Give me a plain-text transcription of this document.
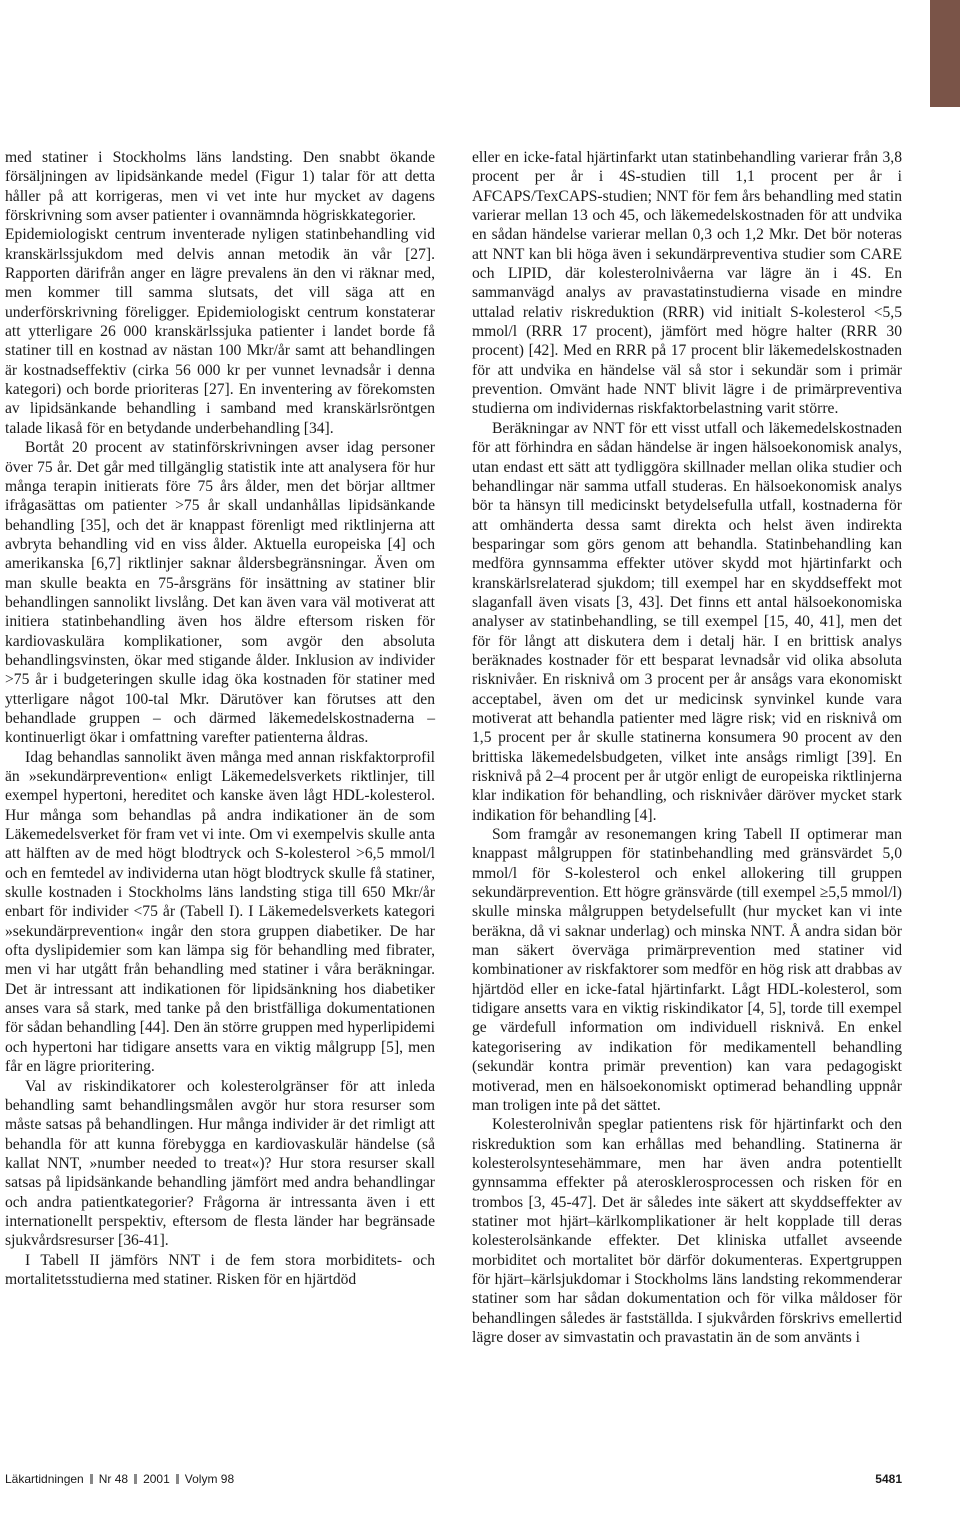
med statiner i Stockholms läns landsting. Den snabbt ökande försäljningen av lipidsänkande medel (Figur 1) talar för att detta håller på att korrigeras, men vi vet inte hur mycket av dagens förskrivning som avser patienter i ovannämnda högriskkategorier.

Epidemiologiskt centrum inventerade nyligen statinbehandling vid kranskärlssjukdom med delvis annan metodik än vår [27]. Rapporten därifrån anger en lägre prevalens än den vi räknar med, men kommer till samma slutsats, det vill säga att en underförskrivning föreligger. Epidemiologiskt centrum konstaterar att ytterligare 26 000 kranskärlssjuka patienter i landet borde få statiner till en kostnad av nästan 100 Mkr/år samt att behandlingen är kostnadseffektiv (cirka 56 000 kr per vunnet levnadsår i denna kategori) och borde prioriteras [27]. En inventering av förekomsten av lipidsänkande behandling i samband med kranskärlsröntgen talade likaså för en betydande underbehandling [34].

Bortåt 20 procent av statinförskrivningen avser idag personer över 75 år. Det går med tillgänglig statistik inte att analysera för hur många terapin initierats före 75 års ålder, men det börjar alltmer ifrågasättas om patienter >75 år skall undanhållas lipidsänkande behandling [35], och det är knappast förenligt med riktlinjerna att avbryta behandling vid en viss ålder. Aktuella europeiska [4] och amerikanska [6,7] riktlinjer saknar åldersbegränsningar. Även om man skulle beakta en 75-årsgräns för insättning av statiner blir behandlingen sannolikt livslång. Det kan även vara väl motiverat att initiera statinbehandling även hos äldre eftersom risken för kardiovaskulära komplikationer, som avgör den absoluta behandlingsvinsten, ökar med stigande ålder. Inklusion av individer >75 år i budgeteringen skulle idag öka kostnaden för statiner med ytterligare något 100-tal Mkr. Därutöver kan förutses att den behandlade gruppen – och därmed läkemedelskostnaderna – kontinuerligt ökar i omfattning varefter patienterna åldras.

Idag behandlas sannolikt även många med annan riskfaktorprofil än »sekundärprevention« enligt Läkemedelsverkets riktlinjer, till exempel hypertoni, hereditet och kanske även lågt HDL-kolesterol. Hur många som behandlas på andra indikationer än de som Läkemedelsverket för fram vet vi inte. Om vi exempelvis skulle anta att hälften av de med högt blodtryck och S-kolesterol >6,5 mmol/l och en femtedel av individerna utan högt blodtryck skulle få statiner, skulle kostnaden i Stockholms läns landsting stiga till 650 Mkr/år enbart för individer <75 år (Tabell I). I Läkemedelsverkets kategori »sekundärprevention« ingår den stora gruppen diabetiker. De har ofta dyslipidemier som kan lämpa sig för behandling med fibrater, men vi har utgått från behandling med statiner i våra beräkningar. Det är intressant att indikationen för lipidsänkning hos diabetiker anses vara så stark, med tanke på den bristfälliga dokumentationen för sådan behandling [44]. Den än större gruppen med hyperlipidemi och hypertoni har tidigare ansetts vara en viktig målgrupp [5], men får en lägre prioritering.

Val av riskindikatorer och kolesterolgränser för att inleda behandling samt behandlingsmålen avgör hur stora resurser som måste satsas på behandlingen. Hur många individer är det rimligt att behandla för att kunna förebygga en kardiovaskulär händelse (så kallat NNT, »number needed to treat«)? Hur stora resurser skall satsas på lipidsänkande behandling jämfört med andra behandlingar och andra patientkategorier? Frågorna är intressanta även i ett internationellt perspektiv, eftersom de flesta länder har begränsade sjukvårdsresurser [36-41].

I Tabell II jämförs NNT i de fem stora morbiditets- och mortalitetsstudierna med statiner. Risken för en hjärtdöd

eller en icke-fatal hjärtinfarkt utan statinbehandling varierar från 3,8 procent per år i 4S-studien till 1,1 procent per år i AFCAPS/TexCAPS-studien; NNT för fem års behandling med statin varierar mellan 13 och 45, och läkemedelskostnaden för att undvika en sådan händelse varierar mellan 0,3 och 1,2 Mkr. Det bör noteras att NNT kan bli höga även i sekundärpreventiva studier som CARE och LIPID, där kolesterolnivåerna var lägre än i 4S. En sammanvägd analys av pravastatinstudierna visade en mindre uttalad relativ riskreduktion (RRR) vid initialt S-kolesterol <5,5 mmol/l (RRR 17 procent), jämfört med högre halter (RRR 30 procent) [42]. Med en RRR på 17 procent blir läkemedelskostnaden för att undvika en händelse väl så stor i sekundär som i primär prevention. Omvänt hade NNT blivit lägre i de primärpreventiva studierna om individernas riskfaktorbelastning varit större.

Beräkningar av NNT för ett visst utfall och läkemedelskostnaden för att förhindra en sådan händelse är ingen hälsoekonomisk analys, utan endast ett sätt att tydliggöra skillnader mellan olika studier och behandlingar när samma utfall studeras. En hälsoekonomisk analys bör ta hänsyn till medicinskt betydelsefulla utfall, kostnaderna för att omhänderta dessa samt direkta och helst även indirekta besparingar som görs genom att behandla. Statinbehandling kan medföra gynnsamma effekter utöver skydd mot hjärtinfarkt och kranskärlsrelaterad sjukdom; till exempel har en skyddseffekt mot slaganfall även visats [3, 43]. Det finns ett antal hälsoekonomiska analyser av statinbehandling, se till exempel [15, 40, 41], men det för för långt att diskutera dem i detalj här. I en brittisk analys beräknades kostnader för ett besparat levnadsår vid olika absoluta risknivåer. En risknivå om 3 procent per år ansågs vara ekonomiskt acceptabel, även om det ur medicinsk synvinkel kunde vara motiverat att behandla patienter med lägre risk; vid en risknivå om 1,5 procent per år skulle statinerna konsumera 90 procent av den brittiska läkemedelsbudgeten, vilket inte ansågs rimligt [39]. En risknivå på 2–4 procent per år utgör enligt de europeiska riktlinjerna klar indikation för behandling, och risknivåer däröver mycket stark indikation för behandling [4].

Som framgår av resonemangen kring Tabell II optimerar man knappast målgruppen för statinbehandling med gränsvärdet 5,0 mmol/l för S-kolesterol och enkel allokering till gruppen sekundärprevention. Ett högre gränsvärde (till exempel ≥5,5 mmol/l) skulle minska målgruppen betydelsefullt (hur mycket kan vi inte beräkna, då vi saknar underlag) och minska NNT. Å andra sidan bör man säkert överväga primärprevention med statiner vid kombinationer av riskfaktorer som medför en hög risk att drabbas av hjärtdöd eller en icke-fatal hjärtinfarkt. Lågt HDL-kolesterol, som tidigare ansetts vara en viktig riskindikator [4, 5], torde till exempel ge värdefull information om individuell risknivå. En enkel kategorisering av indikation för medikamentell behandling (sekundär kontra primär prevention) kan vara pedagogiskt motiverad, men en hälsoekonomiskt optimerad behandling uppnår man troligen inte på det sättet.

Kolesterolnivån speglar patientens risk för hjärtinfarkt och den riskreduktion som kan erhållas med behandling. Statinerna är kolesterolsyntesehämmare, men har även andra potentiellt gynnsamma effekter på aterosklerosprocessen och risken för en trombos [3, 45-47]. Det är således inte säkert att skyddseffekter av statiner mot hjärt–kärlkomplikationer är helt kopplade till deras kolesterolsänkande effekter. Det kliniska utfallet avseende morbiditet och mortalitet bör därför dokumenteras. Expertgruppen för hjärt–kärlsjukdomar i Stockholms läns landsting rekommenderar statiner som har sådan dokumentation och för vilka måldoser för behandlingen således är fastställda. I sjukvården förskrivs emellertid lägre doser av simvastatin och pravastatin än de som använts i

Läkartidningen Nr 48 2001 Volym 98	5481
